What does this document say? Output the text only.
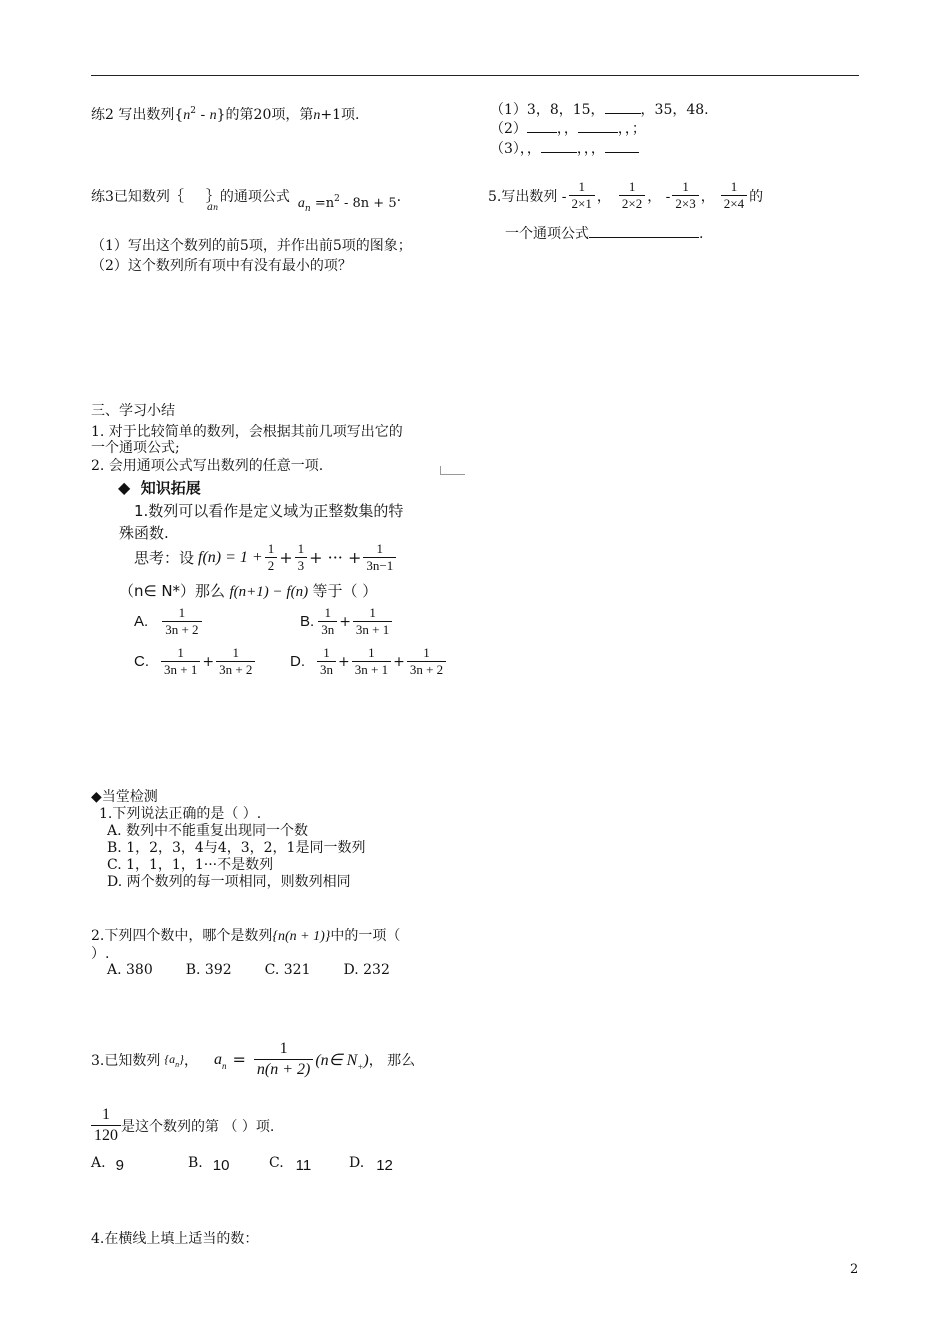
练2 写出数列$\{n^2 - n\}$的第20项，第n+1项.	（1）3，8，15，	，35，48.
（2） ，，	，，；
（3），，	，，，
练3已知数列｛ ｝的通项公式 $a_n =n2 - 8n + 5$.
an
（1）写出这个数列的前5项，并作出前5项的图象；
（2）这个数列所有项中有没有最小的项？
5.写出数列 - $\frac{1}{2\times 1}$ ， $\frac{1}{2\times 2}$ ， - $\frac{1}{2\times 3}$ ， $\frac{1}{2\times 4}$ 的
一个通项公式	.
三、学习小结
1. 对于比较简单的数列，会根据其前几项写出它的
一个通项公式;
2. 会用通项公式写出数列的任意一项.
◆ 知识拓展
1.数列可以看作是定义域为正整数集的特
殊函数.
思考：设 $f(n) = 1 + \frac{1}{2} + \frac{1}{3}$ + ··· + $\frac{1}{3n-1}$
（n∈ N*）那么 f(n+1) − f(n) 等于（ ）
A. $\frac{1}{3n + 2}$	B. $\frac{1}{3n} + \frac{1}{3n + 1}$
C. $\frac{1}{3n + 1} + \frac{1}{3n + 2} D$. $\frac{1}{3n} + \frac{1}{3n + 1} + \frac{1}{3n + 2}$
◆当堂检测
1.下列说法正确的是（ ）.
A. 数列中不能重复出现同一个数
B. 1，2，3，4与4，3，2，1是同一数列
C. 1，1，1，1···不是数列
D. 两个数列的每一项相同，则数列相同
2.下列四个数中，哪个是数列{n(n + 1)}中的一项（
）.
A. 380 B. 392 C. 321 D. 232
3.已知数列 $\{a_n\}$ ， $a_n = \frac{1}{n(n + 2)}$ (n∈ $N_+$) ， 那么
$\frac{1}{120}$ 是这个数列的第 （ ）项.
A. 9	B. 10	C. 11	D. 12
4.在横线上填上适当的数：
2
